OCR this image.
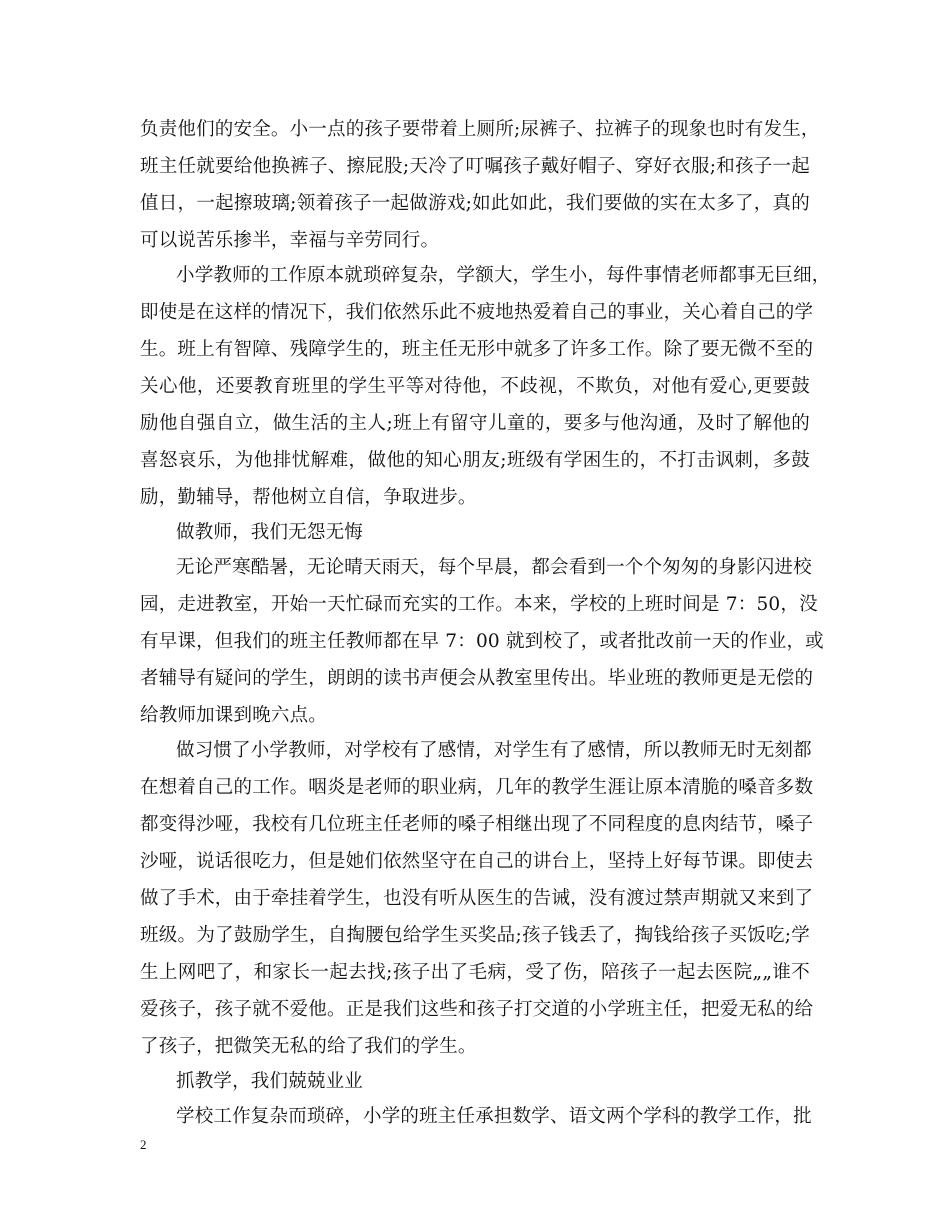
负责他们的安全。小一点的孩子要带着上厕所;尿裤子、拉裤子的现象也时有发生，
班主任就要给他换裤子、擦屁股;天冷了叮嘱孩子戴好帽子、穿好衣服;和孩子一起
值日，一起擦玻璃;领着孩子一起做游戏;如此如此，我们要做的实在太多了，真的
可以说苦乐掺半，幸福与辛劳同行。
小学教师的工作原本就琐碎复杂，学额大，学生小，每件事情老师都事无巨细，
即使是在这样的情况下，我们依然乐此不疲地热爱着自己的事业，关心着自己的学
生。班上有智障、残障学生的，班主任无形中就多了许多工作。除了要无微不至的
关心他，还要教育班里的学生平等对待他，不歧视，不欺负，对他有爱心,更要鼓
励他自强自立，做生活的主人;班上有留守儿童的，要多与他沟通，及时了解他的
喜怒哀乐，为他排忧解难，做他的知心朋友;班级有学困生的，不打击讽刺，多鼓
励，勤辅导，帮他树立自信，争取进步。
做教师，我们无怨无悔
无论严寒酷暑，无论晴天雨天，每个早晨，都会看到一个个匆匆的身影闪进校
园，走进教室，开始一天忙碌而充实的工作。本来，学校的上班时间是 7：50，没
有早课，但我们的班主任教师都在早 7：00 就到校了，或者批改前一天的作业，或
者辅导有疑问的学生，朗朗的读书声便会从教室里传出。毕业班的教师更是无偿的
给教师加课到晚六点。
做习惯了小学教师，对学校有了感情，对学生有了感情，所以教师无时无刻都
在想着自己的工作。咽炎是老师的职业病，几年的教学生涯让原本清脆的嗓音多数
都变得沙哑，我校有几位班主任老师的嗓子相继出现了不同程度的息肉结节，嗓子
沙哑，说话很吃力，但是她们依然坚守在自己的讲台上，坚持上好每节课。即使去
做了手术，由于牵挂着学生，也没有听从医生的告诫，没有渡过禁声期就又来到了
班级。为了鼓励学生，自掏腰包给学生买奖品;孩子钱丢了，掏钱给孩子买饭吃;学
生上网吧了，和家长一起去找;孩子出了毛病，受了伤，陪孩子一起去医院„„谁不
爱孩子，孩子就不爱他。正是我们这些和孩子打交道的小学班主任，把爱无私的给
了孩子，把微笑无私的给了我们的学生。
抓教学，我们兢兢业业
学校工作复杂而琐碎，小学的班主任承担数学、语文两个学科的教学工作，批
2
